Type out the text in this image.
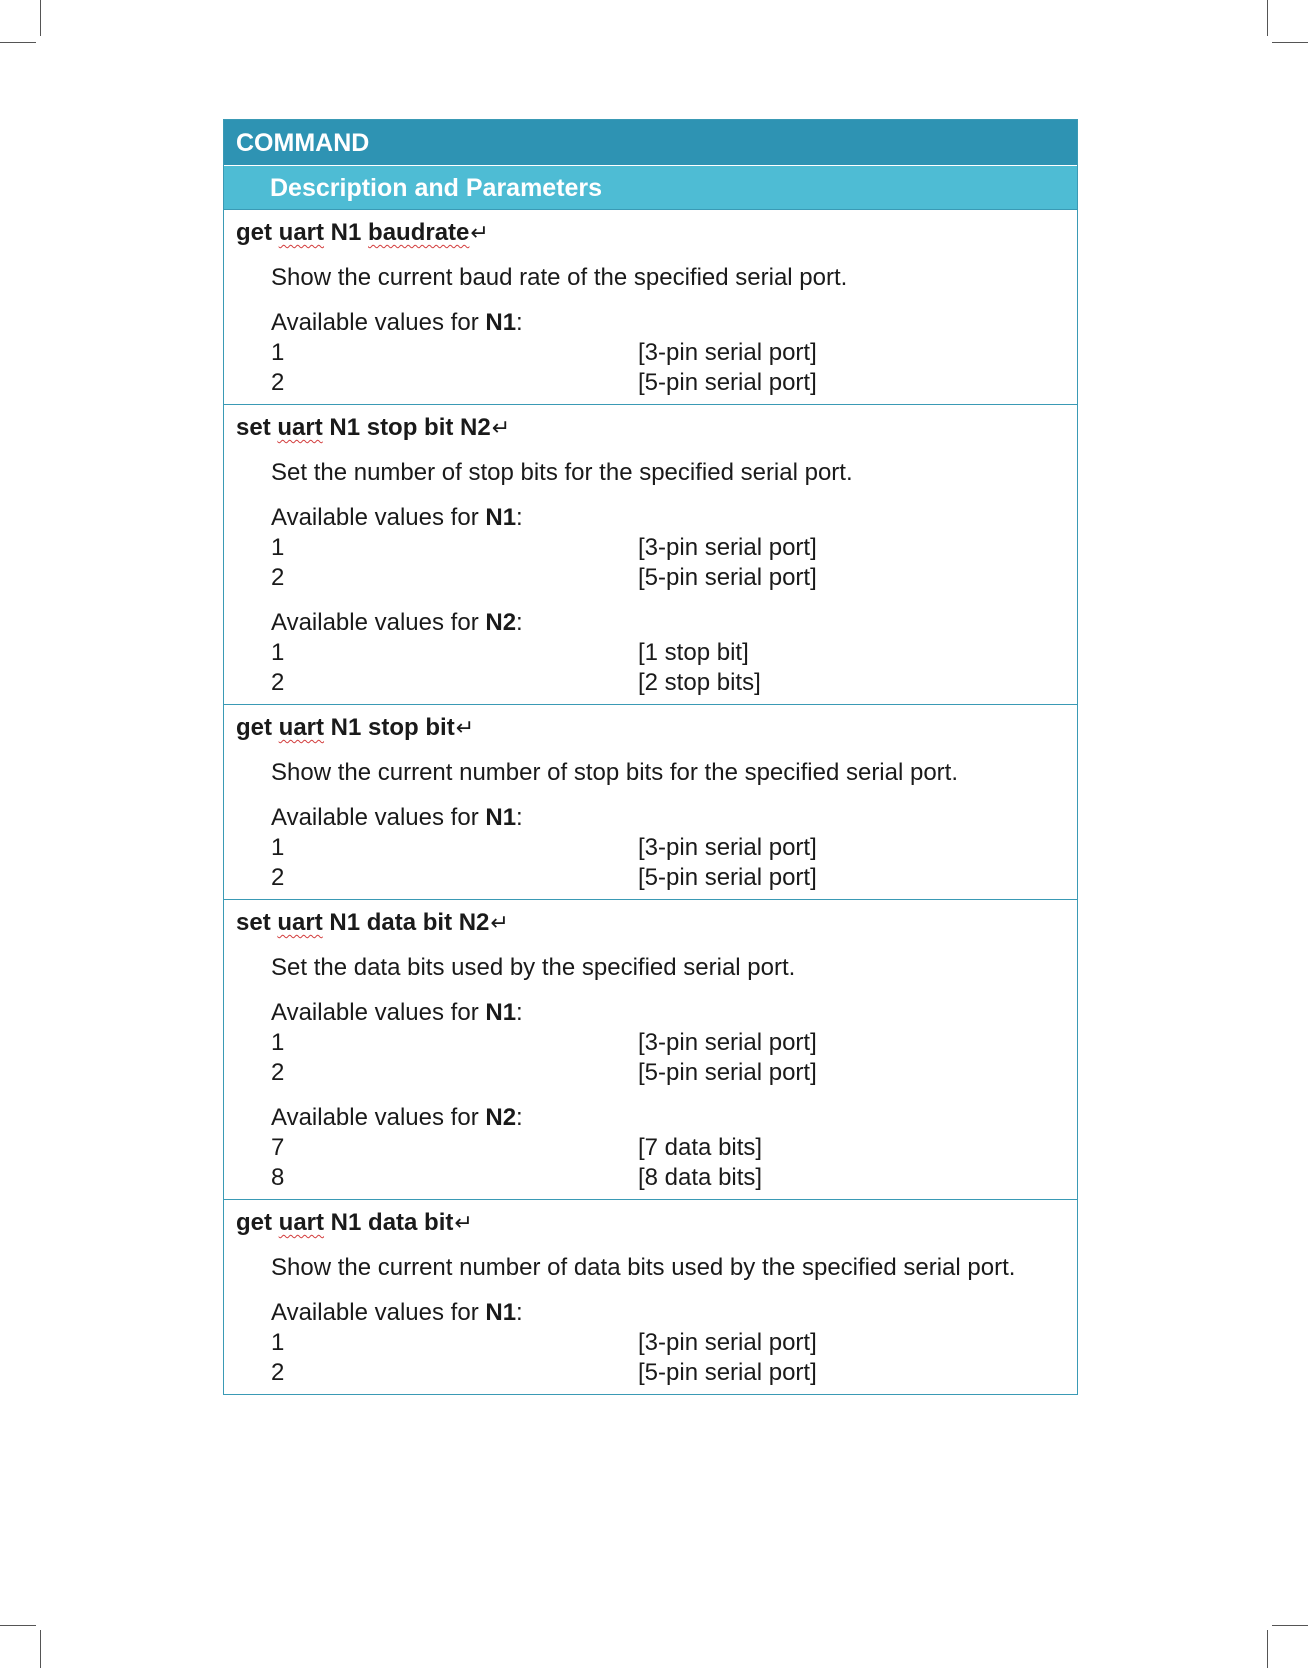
COMMAND
Description and Parameters
get uart N1 baudrate↵
Show the current baud rate of the specified serial port.
Available values for N1:
1	[3-pin serial port]
2	[5-pin serial port]
set uart N1 stop bit N2↵
Set the number of stop bits for the specified serial port.
Available values for N1:
1	[3-pin serial port]
2	[5-pin serial port]
Available values for N2:
1	[1 stop bit]
2	[2 stop bits]
get uart N1 stop bit↵
Show the current number of stop bits for the specified serial port.
Available values for N1:
1	[3-pin serial port]
2	[5-pin serial port]
set uart N1 data bit N2↵
Set the data bits used by the specified serial port.
Available values for N1:
1	[3-pin serial port]
2	[5-pin serial port]
Available values for N2:
7	[7 data bits]
8	[8 data bits]
get uart N1 data bit↵
Show the current number of data bits used by the specified serial port.
Available values for N1:
1	[3-pin serial port]
2	[5-pin serial port]
